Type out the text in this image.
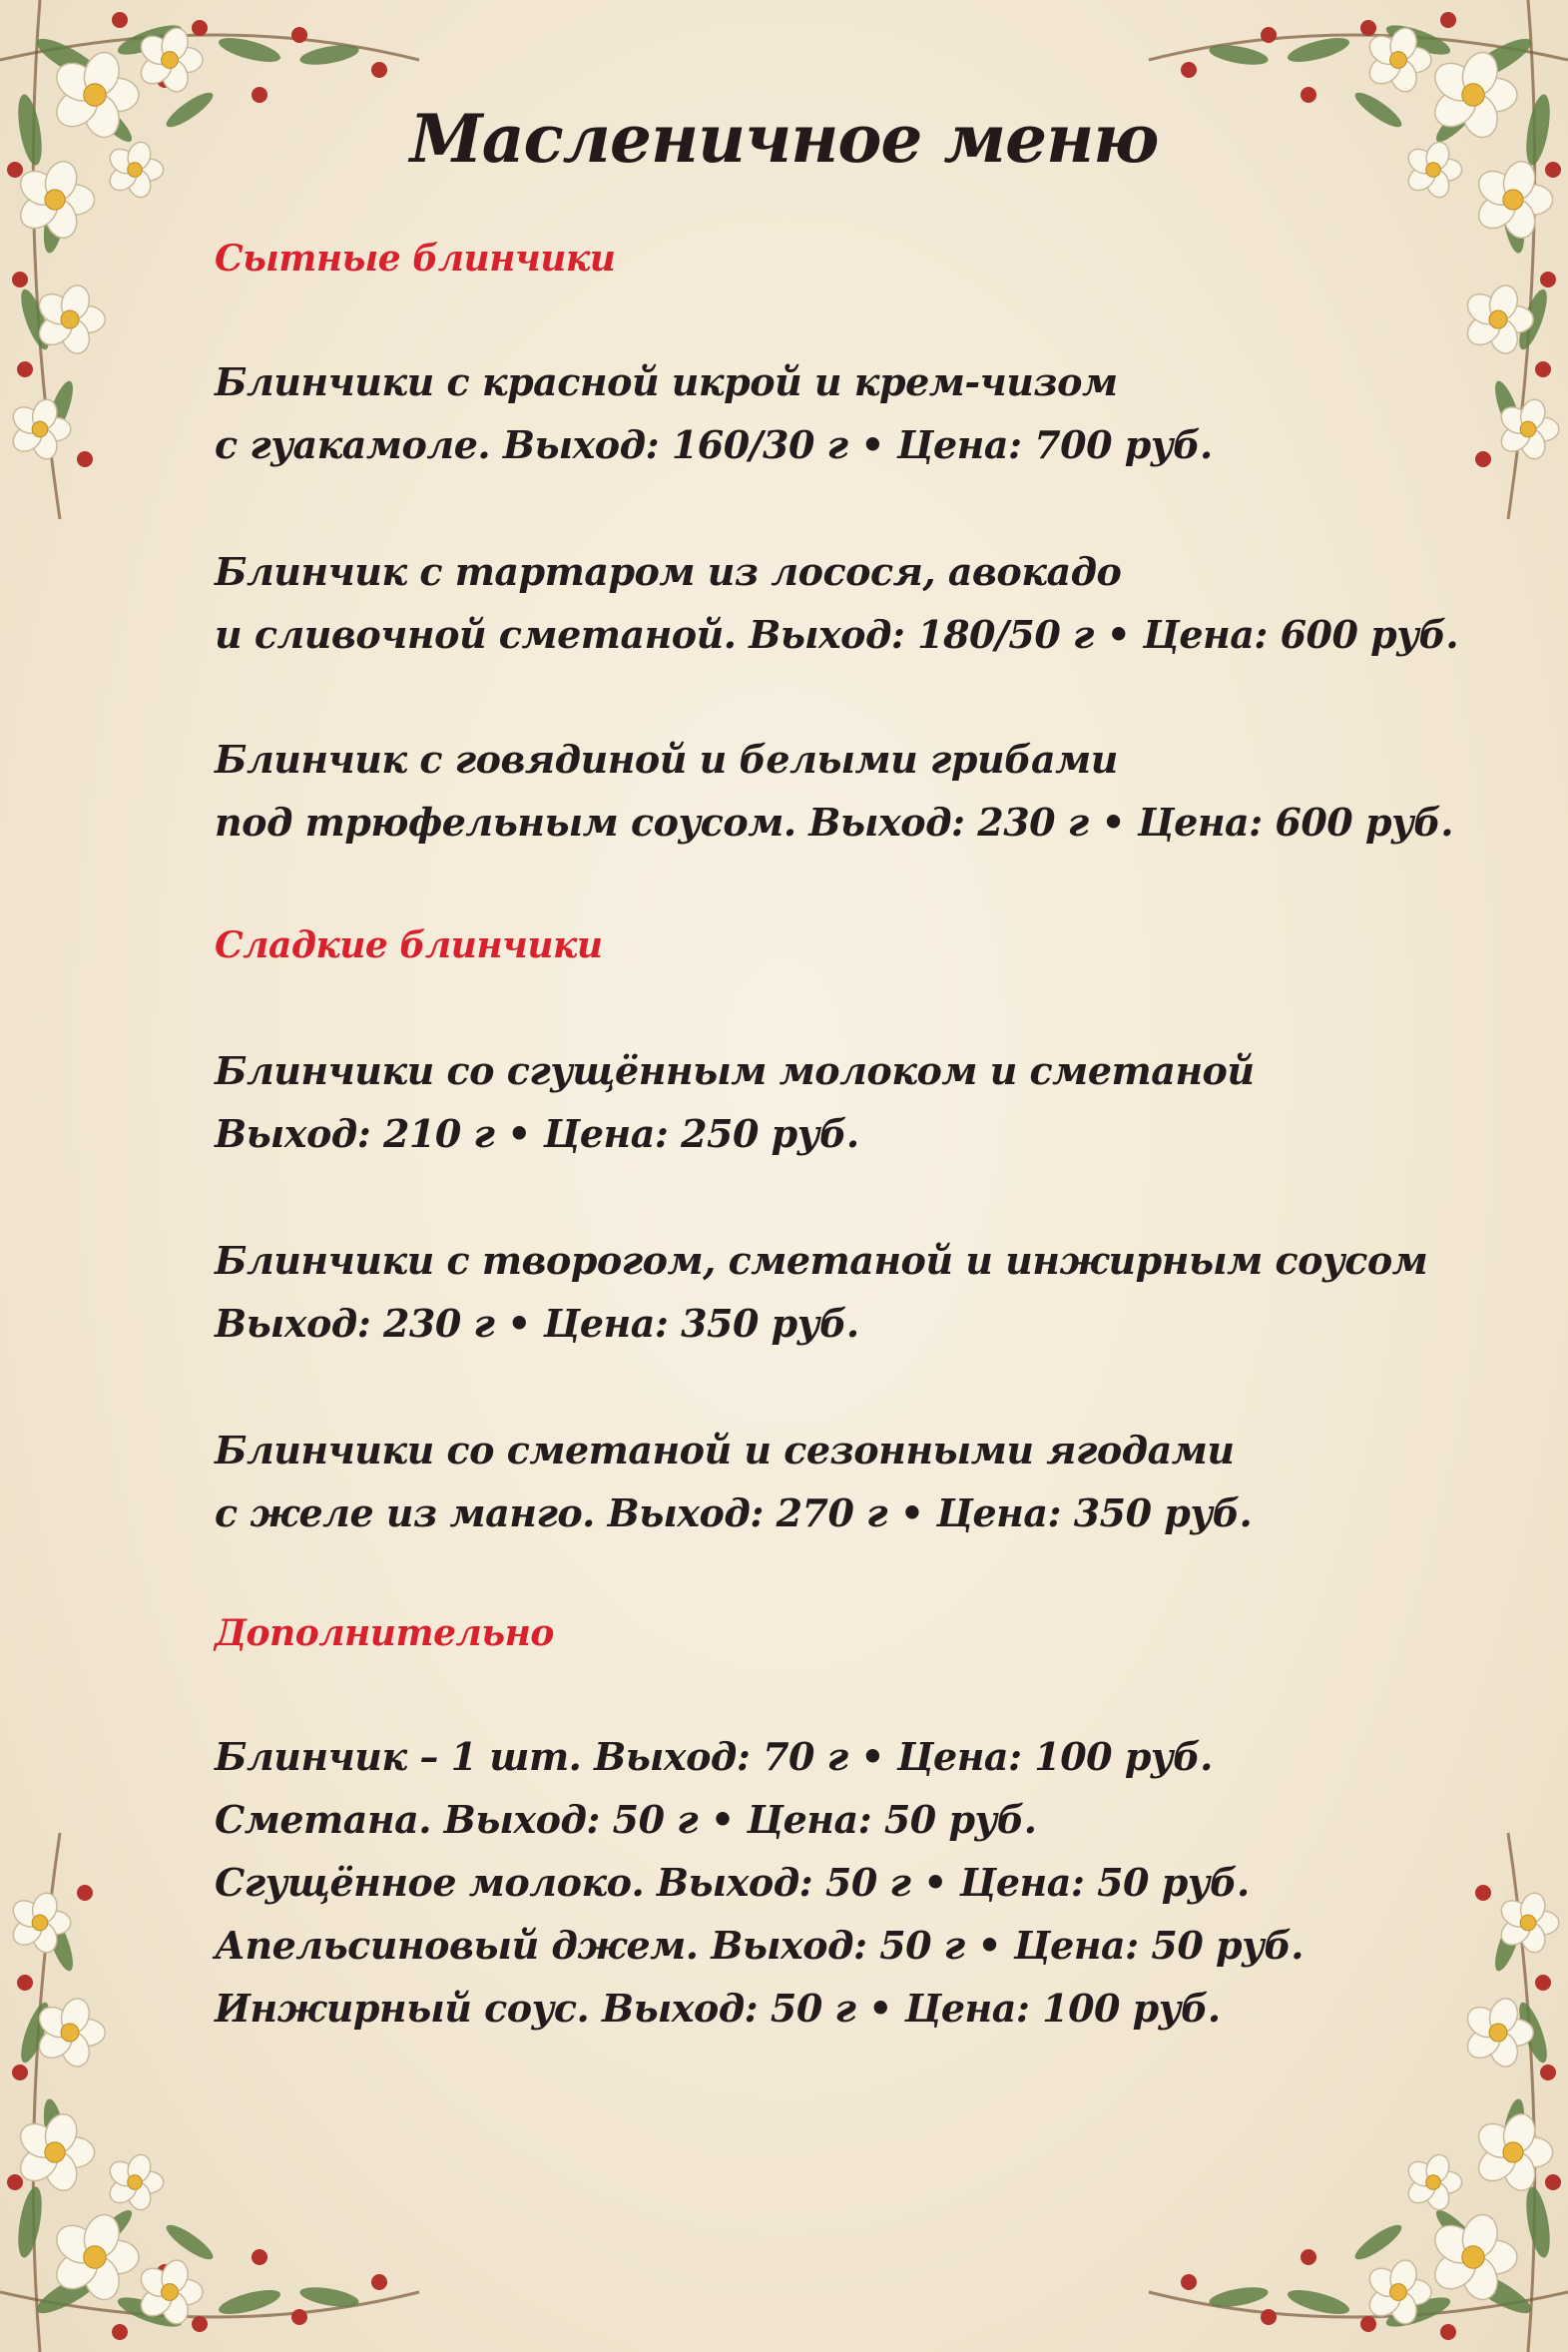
Масленичное меню
Сытные блинчики
Блинчики с красной икрой и крем-чизом
с гуакамоле. Выход: 160/30 г • Цена: 700 руб.
Блинчик с тартаром из лосося, авокадо
и сливочной сметаной. Выход: 180/50 г • Цена: 600 руб.
Блинчик с говядиной и белыми грибами
под трюфельным соусом. Выход: 230 г • Цена: 600 руб.
Сладкие блинчики
Блинчики со сгущённым молоком и сметаной
Выход: 210 г • Цена: 250 руб.
Блинчики с творогом, сметаной и инжирным соусом
Выход: 230 г • Цена: 350 руб.
Блинчики со сметаной и сезонными ягодами
с желе из манго. Выход: 270 г • Цена: 350 руб.
Дополнительно
Блинчик – 1 шт. Выход: 70 г • Цена: 100 руб.
Сметана. Выход: 50 г • Цена: 50 руб.
Сгущённое молоко. Выход: 50 г • Цена: 50 руб.
Апельсиновый джем. Выход: 50 г • Цена: 50 руб.
Инжирный соус. Выход: 50 г • Цена: 100 руб.
